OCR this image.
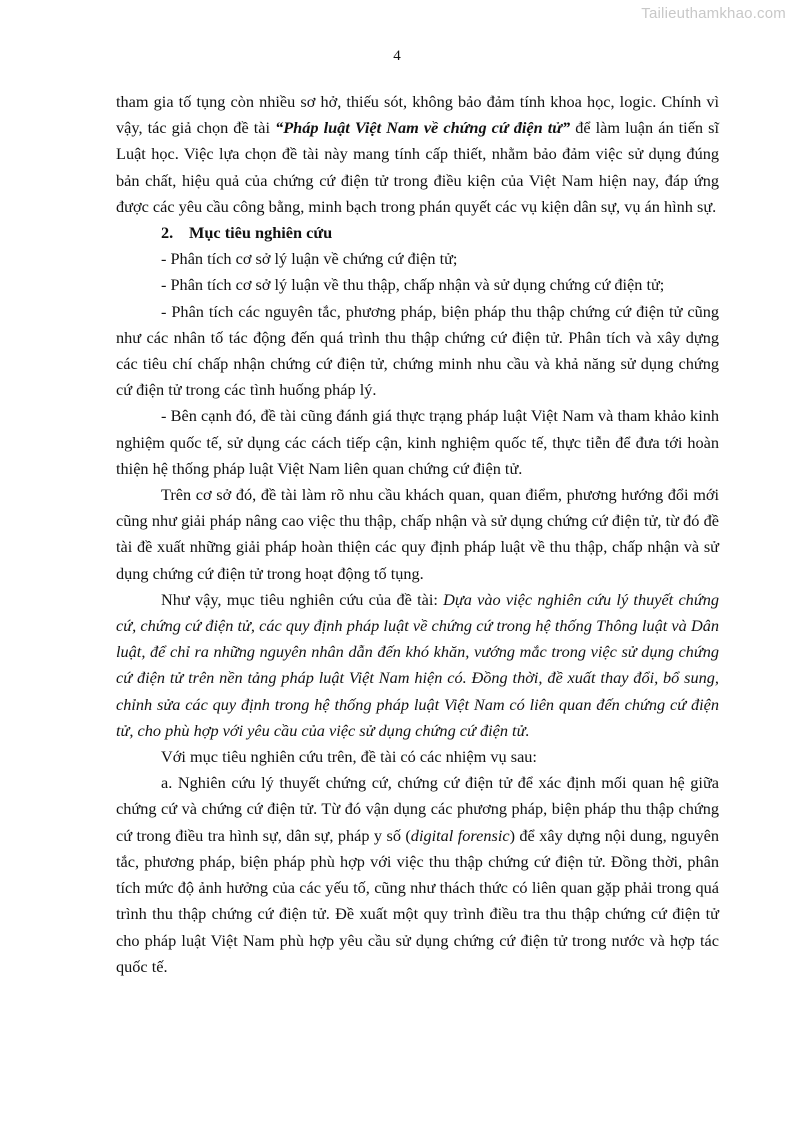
Tailieuthamkhao.com
4

tham gia tố tụng còn nhiều sơ hở, thiếu sót, không bảo đảm tính khoa học, logic. Chính vì vậy, tác giả chọn đề tài “Pháp luật Việt Nam về chứng cứ điện tử” để làm luận án tiến sĩ Luật học. Việc lựa chọn đề tài này mang tính cấp thiết, nhằm bảo đảm việc sử dụng đúng bản chất, hiệu quả của chứng cứ điện tử trong điều kiện của Việt Nam hiện nay, đáp ứng được các yêu cầu công bằng, minh bạch trong phán quyết các vụ kiện dân sự, vụ án hình sự.

2. Mục tiêu nghiên cứu

- Phân tích cơ sở lý luận về chứng cứ điện tử;

- Phân tích cơ sở lý luận về thu thập, chấp nhận và sử dụng chứng cứ điện tử;

- Phân tích các nguyên tắc, phương pháp, biện pháp thu thập chứng cứ điện tử cũng như các nhân tố tác động đến quá trình thu thập chứng cứ điện tử. Phân tích và xây dựng các tiêu chí chấp nhận chứng cứ điện tử, chứng minh nhu cầu và khả năng sử dụng chứng cứ điện tử trong các tình huống pháp lý.

- Bên cạnh đó, đề tài cũng đánh giá thực trạng pháp luật Việt Nam và tham khảo kinh nghiệm quốc tế, sử dụng các cách tiếp cận, kinh nghiệm quốc tế, thực tiễn để đưa tới hoàn thiện hệ thống pháp luật Việt Nam liên quan chứng cứ điện tử.

Trên cơ sở đó, đề tài làm rõ nhu cầu khách quan, quan điểm, phương hướng đổi mới cũng như giải pháp nâng cao việc thu thập, chấp nhận và sử dụng chứng cứ điện tử, từ đó đề tài đề xuất những giải pháp hoàn thiện các quy định pháp luật về thu thập, chấp nhận và sử dụng chứng cứ điện tử trong hoạt động tố tụng.

Như vậy, mục tiêu nghiên cứu của đề tài: Dựa vào việc nghiên cứu lý thuyết chứng cứ, chứng cứ điện tử, các quy định pháp luật về chứng cứ trong hệ thống Thông luật và Dân luật, để chỉ ra những nguyên nhân dẫn đến khó khăn, vướng mắc trong việc sử dụng chứng cứ điện tử trên nền tảng pháp luật Việt Nam hiện có. Đồng thời, đề xuất thay đổi, bổ sung, chỉnh sửa các quy định trong hệ thống pháp luật Việt Nam có liên quan đến chứng cứ điện tử, cho phù hợp với yêu cầu của việc sử dụng chứng cứ điện tử.

Với mục tiêu nghiên cứu trên, đề tài có các nhiệm vụ sau:

a. Nghiên cứu lý thuyết chứng cứ, chứng cứ điện tử để xác định mối quan hệ giữa chứng cứ và chứng cứ điện tử. Từ đó vận dụng các phương pháp, biện pháp thu thập chứng cứ trong điều tra hình sự, dân sự, pháp y số (digital forensic) để xây dựng nội dung, nguyên tắc, phương pháp, biện pháp phù hợp với việc thu thập chứng cứ điện tử. Đồng thời, phân tích mức độ ảnh hưởng của các yếu tố, cũng như thách thức có liên quan gặp phải trong quá trình thu thập chứng cứ điện tử. Đề xuất một quy trình điều tra thu thập chứng cứ điện tử cho pháp luật Việt Nam phù hợp yêu cầu sử dụng chứng cứ điện tử trong nước và hợp tác quốc tế.
